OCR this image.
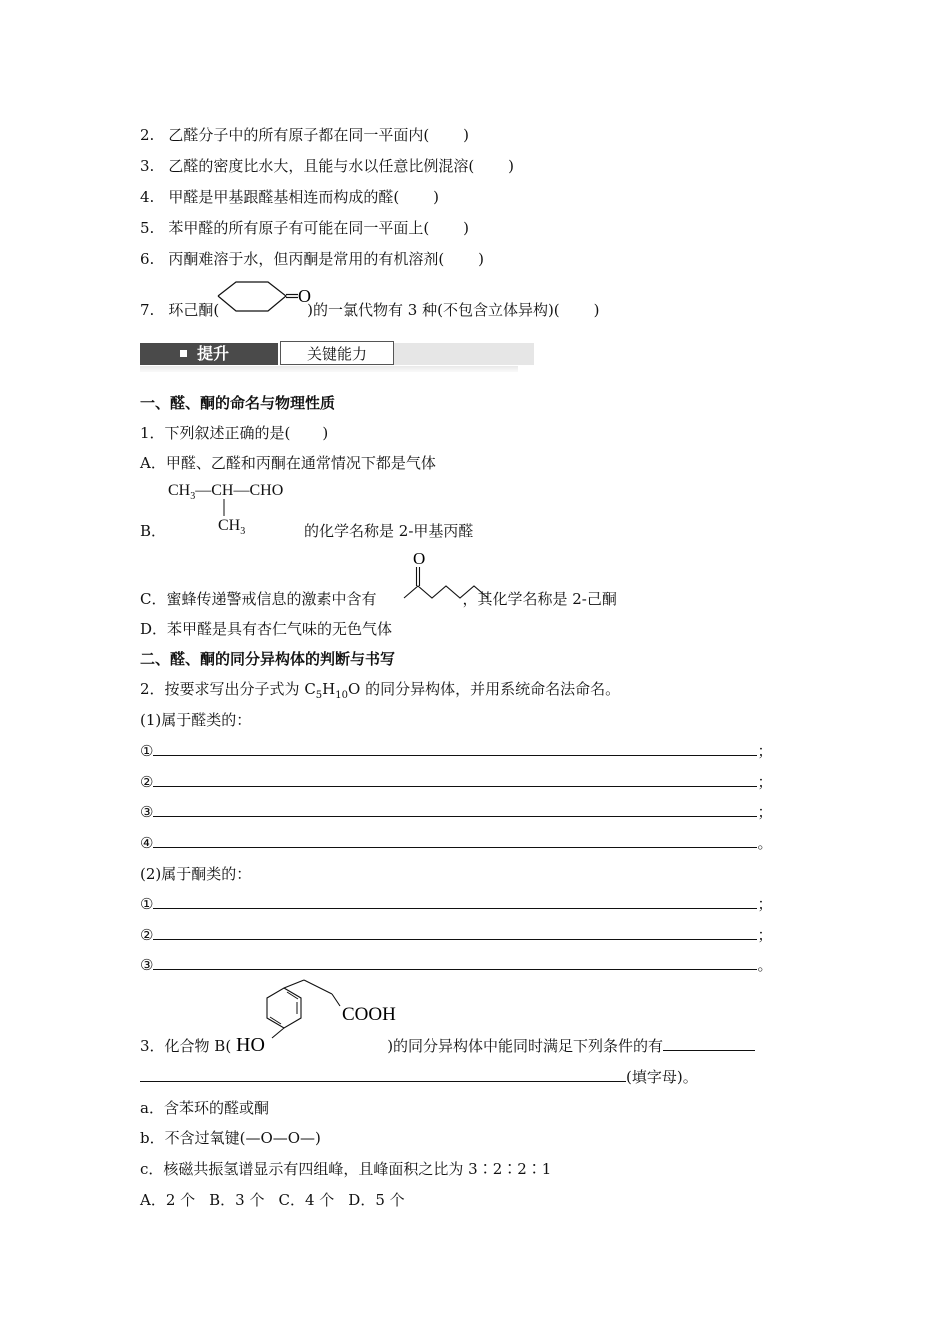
2. 乙醛分子中的所有原子都在同一平面内( )
3. 乙醛的密度比水大，且能与水以任意比例混溶( )
4. 甲醛是甲基跟醛基相连而构成的醛( )
5. 苯甲醛的所有原子有可能在同一平面上( )
6. 丙酮难溶于水，但丙酮是常用的有机溶剂( )
7. 环己酮(	)的一氯代物有 3 种(不包含立体异构)( )
O
提升	关键能力
一、醛、酮的命名与物理性质
1．下列叙述正确的是( )
A．甲醛、乙醛和丙酮在通常情况下都是气体
$CH_3—CH—CHO$
$CH_3$
B．	的化学名称是 2-甲基丙醛
C．蜜蜂传递警戒信息的激素中含有	，其化学名称是 2-己酮
O
D．苯甲醛是具有杏仁气味的无色气体
二、醛、酮的同分异构体的判断与书写
2．按要求写出分子式为 $C_5H_{10}O$ 的同分异构体，并用系统命名法命名。
(1)属于醛类的：
①	；
②	；
③	；
④	。
(2)属于酮类的：
①	；
②	；
③	。
HO
COOH
3．化合物 B(	)的同分异构体中能同时满足下列条件的有
(填字母)。
a．含苯环的醛或酮
b．不含过氧键(—O—O—)
c．核磁共振氢谱显示有四组峰，且峰面积之比为 3∶2∶2∶1
A．2 个 B．3 个 C．4 个 D．5 个
